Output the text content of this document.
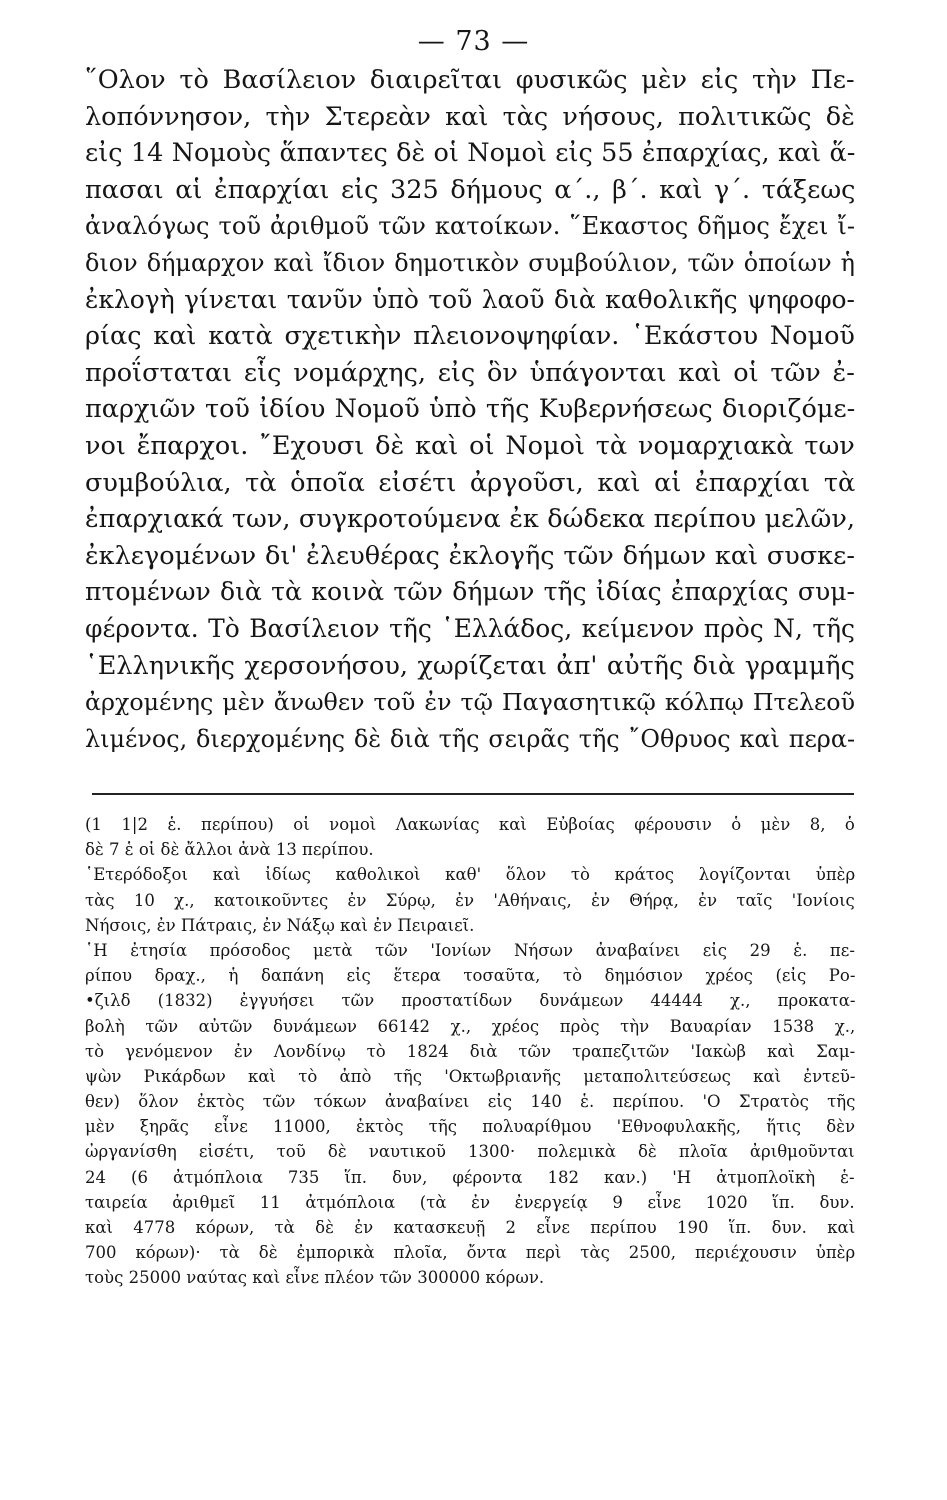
— 73 —
῞Ολον τὸ Βασίλειον διαιρεῖται φυσικῶς μὲν εἰς τὴν Πε-
λοπόννησον, τὴν Στερεὰν καὶ τὰς νήσους, πολιτικῶς δὲ
εἰς 14 Νομοὺς ἅπαντες δὲ οἱ Νομοὶ εἰς 55 ἐπαρχίας, καὶ ἅ-
πασαι αἱ ἐπαρχίαι εἰς 325 δήμους α΄., β΄. καὶ γ΄. τάξεως
ἀναλόγως τοῦ ἀριθμοῦ τῶν κατοίκων. ῞Εκαστος δῆμος ἔχει ἴ-
διον δήμαρχον καὶ ἴδιον δημοτικὸν συμβούλιον, τῶν ὁποίων ἡ
ἐκλογὴ γίνεται τανῦν ὑπὸ τοῦ λαοῦ διὰ καθολικῆς ψηφοφο-
ρίας καὶ κατὰ σχετικὴν πλειονοψηφίαν. ῾Εκάστου Νομοῦ
προΐσταται εἷς νομάρχης, εἰς ὃν ὑπάγονται καὶ οἱ τῶν ἐ-
παρχιῶν τοῦ ἰδίου Νομοῦ ὑπὸ τῆς Κυβερνήσεως διοριζόμε-
νοι ἔπαρχοι. ῎Εχουσι δὲ καὶ οἱ Νομοὶ τὰ νομαρχιακὰ των
συμβούλια, τὰ ὁποῖα εἰσέτι ἀργοῦσι, καὶ αἱ ἐπαρχίαι τὰ
ἐπαρχιακά των, συγκροτούμενα ἐκ δώδεκα περίπου μελῶν,
ἐκλεγομένων δι' ἐλευθέρας ἐκλογῆς τῶν δήμων καὶ συσκε-
πτομένων διὰ τὰ κοινὰ τῶν δήμων τῆς ἰδίας ἐπαρχίας συμ-
φέροντα. Τὸ Βασίλειον τῆς ῾Ελλάδος, κείμενον πρὸς Ν, τῆς
῾Ελληνικῆς χερσονήσου, χωρίζεται ἀπ' αὐτῆς διὰ γραμμῆς
ἀρχομένης μὲν ἄνωθεν τοῦ ἐν τῷ Παγασητικῷ κόλπῳ Πτελεοῦ
λιμένος, διερχομένης δὲ διὰ τῆς σειρᾶς τῆς ῎Οθρυος καὶ περα-
(1 1|2 ἑ. περίπου) οἱ νομοὶ Λακωνίας καὶ Εὐβοίας φέρουσιν ὁ μὲν 8, ὁ
δὲ 7 ἑ οἱ δὲ ἄλλοι ἀνὰ 13 περίπου.
῾Ετερόδοξοι καὶ ἰδίως καθολικοὶ καθ' ὅλον τὸ κράτος λογίζονται ὑπὲρ
τὰς 10 χ., κατοικοῦντες ἐν Σύρῳ, ἐν 'Αθήναις, ἐν Θήρᾳ, ἐν ταῖς 'Ιονίοις
Νήσοις, ἐν Πάτραις, ἐν Νάξῳ καὶ ἐν Πειραιεῖ.
῾Η ἐτησία πρόσοδος μετὰ τῶν 'Ιονίων Νήσων ἀναβαίνει εἰς 29 ἑ. πε-
ρίπου δραχ., ἡ δαπάνη εἰς ἕτερα τοσαῦτα, τὸ δημόσιον χρέος (εἰς Ρο-
•ζιλδ (1832) ἐγγυήσει τῶν προστατίδων δυνάμεων 44444 χ., προκατα-
βολὴ τῶν αὐτῶν δυνάμεων 66142 χ., χρέος πρὸς τὴν Βαυαρίαν 1538 χ.,
τὸ γενόμενον ἐν Λονδίνῳ τὸ 1824 διὰ τῶν τραπεζιτῶν 'Ιακὼβ καὶ Σαμ-
ψὼν Ρικάρδων καὶ τὸ ἀπὸ τῆς 'Οκτωβριανῆς μεταπολιτεύσεως καὶ ἐντεῦ-
θεν) ὅλον ἐκτὸς τῶν τόκων ἀναβαίνει εἰς 140 ἑ. περίπου. 'Ο Στρατὸς τῆς
μὲν ξηρᾶς εἶνε 11000, ἐκτὸς τῆς πολυαρίθμου 'Εθνοφυλακῆς, ἥτις δὲν
ὠργανίσθη εἰσέτι, τοῦ δὲ ναυτικοῦ 1300· πολεμικὰ δὲ πλοῖα ἀριθμοῦνται
24 (6 ἀτμόπλοια 735 ἵπ. δυν, φέροντα 182 καν.) 'Η ἀτμοπλοϊκὴ ἑ-
ταιρεία ἀριθμεῖ 11 ἀτμόπλοια (τὰ ἐν ἐνεργείᾳ 9 εἶνε 1020 ἵπ. δυν.
καὶ 4778 κόρων, τὰ δὲ ἐν κατασκευῇ 2 εἶνε περίπου 190 ἵπ. δυν. καὶ
700 κόρων)· τὰ δὲ ἐμπορικὰ πλοῖα, ὄντα περὶ τὰς 2500, περιέχουσιν ὑπὲρ
τοὺς 25000 ναύτας καὶ εἶνε πλέον τῶν 300000 κόρων.
